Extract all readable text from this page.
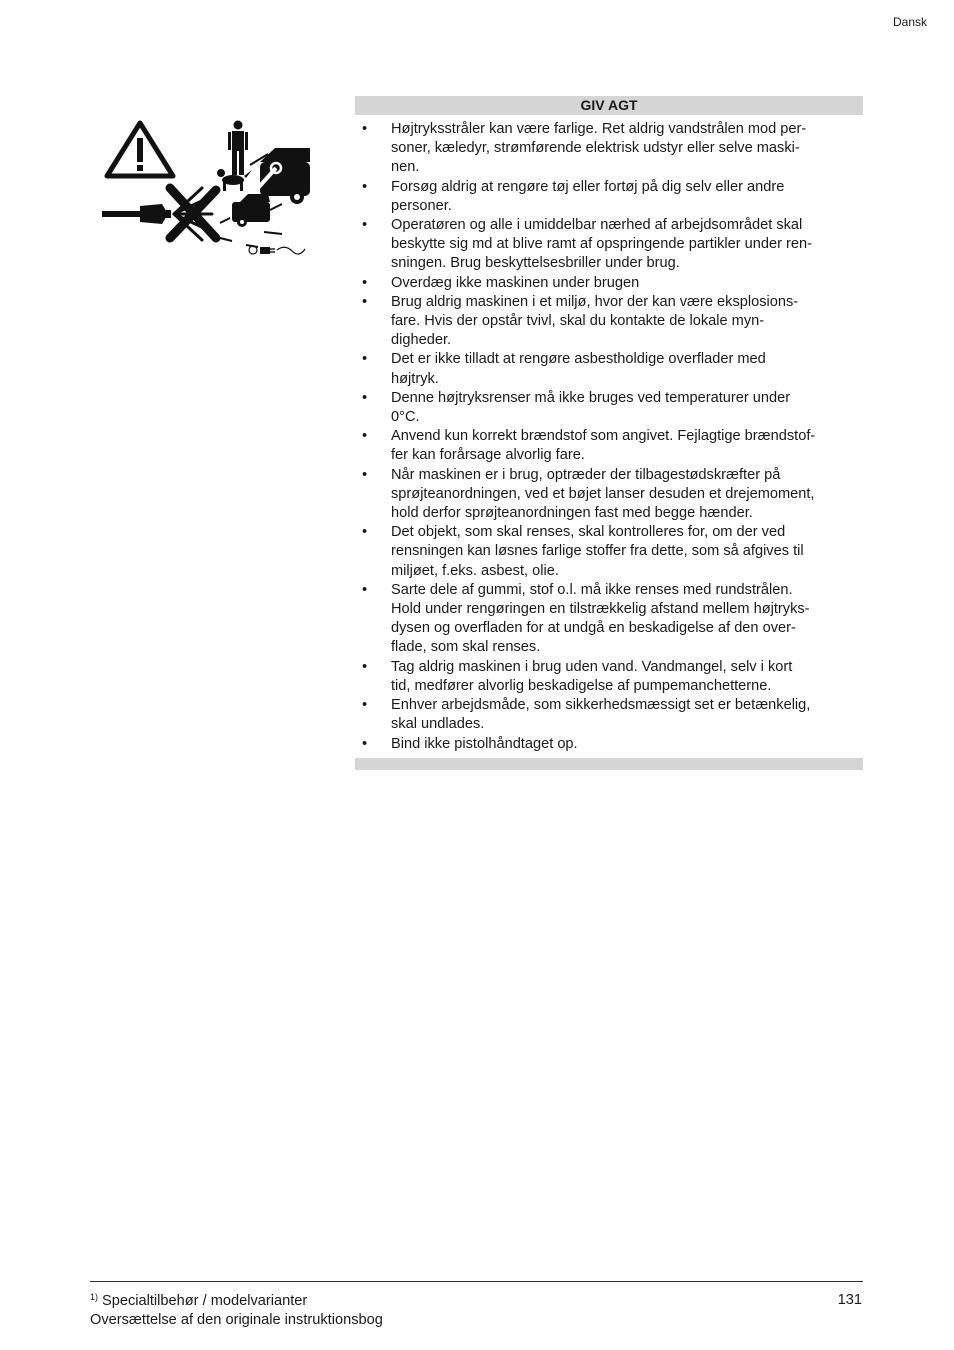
Dansk
GIV AGT
• Højtryksstråler kan være farlige. Ret aldrig vandstrålen mod per-
soner, kæledyr, strømførende elektrisk udstyr eller selve maski-
nen.
• Forsøg aldrig at rengøre tøj eller fortøj på dig selv eller andre
personer.
• Operatøren og alle i umiddelbar nærhed af arbejdsområdet skal
beskytte sig md at blive ramt af opspringende partikler under ren-
sningen. Brug beskyttelsesbriller under brug.
• Overdæg ikke maskinen under brugen
• Brug aldrig maskinen i et miljø, hvor der kan være eksplosions-
fare. Hvis der opstår tvivl, skal du kontakte de lokale myn-
digheder.
• Det er ikke tilladt at rengøre asbestholdige overflader med
højtryk.
• Denne højtryksrenser må ikke bruges ved temperaturer under
0°C.
• Anvend kun korrekt brændstof som angivet. Fejlagtige brændstof-
fer kan forårsage alvorlig fare.
• Når maskinen er i brug, optræder der tilbagestødskræfter på
sprøjteanordningen, ved et bøjet lanser desuden et drejemoment,
hold derfor sprøjteanordningen fast med begge hænder.
• Det objekt, som skal renses, skal kontrolleres for, om der ved
rensningen kan løsnes farlige stoffer fra dette, som så afgives til
miljøet, f.eks. asbest, olie.
• Sarte dele af gummi, stof o.l. må ikke renses med rundstrålen.
Hold under rengøringen en tilstrækkelig afstand mellem højtryks-
dysen og overfladen for at undgå en beskadigelse af den over-
flade, som skal renses.
• Tag aldrig maskinen i brug uden vand. Vandmangel, selv i kort
tid, medfører alvorlig beskadigelse af pumpemanchetterne.
• Enhver arbejdsmåde, som sikkerhedsmæssigt set er betænkelig,
skal undlades.
• Bind ikke pistolhåndtaget op.
$^{1)}$ Specialtilbehør / modelvarianter
Oversættelse af den originale instruktionsbog
131
